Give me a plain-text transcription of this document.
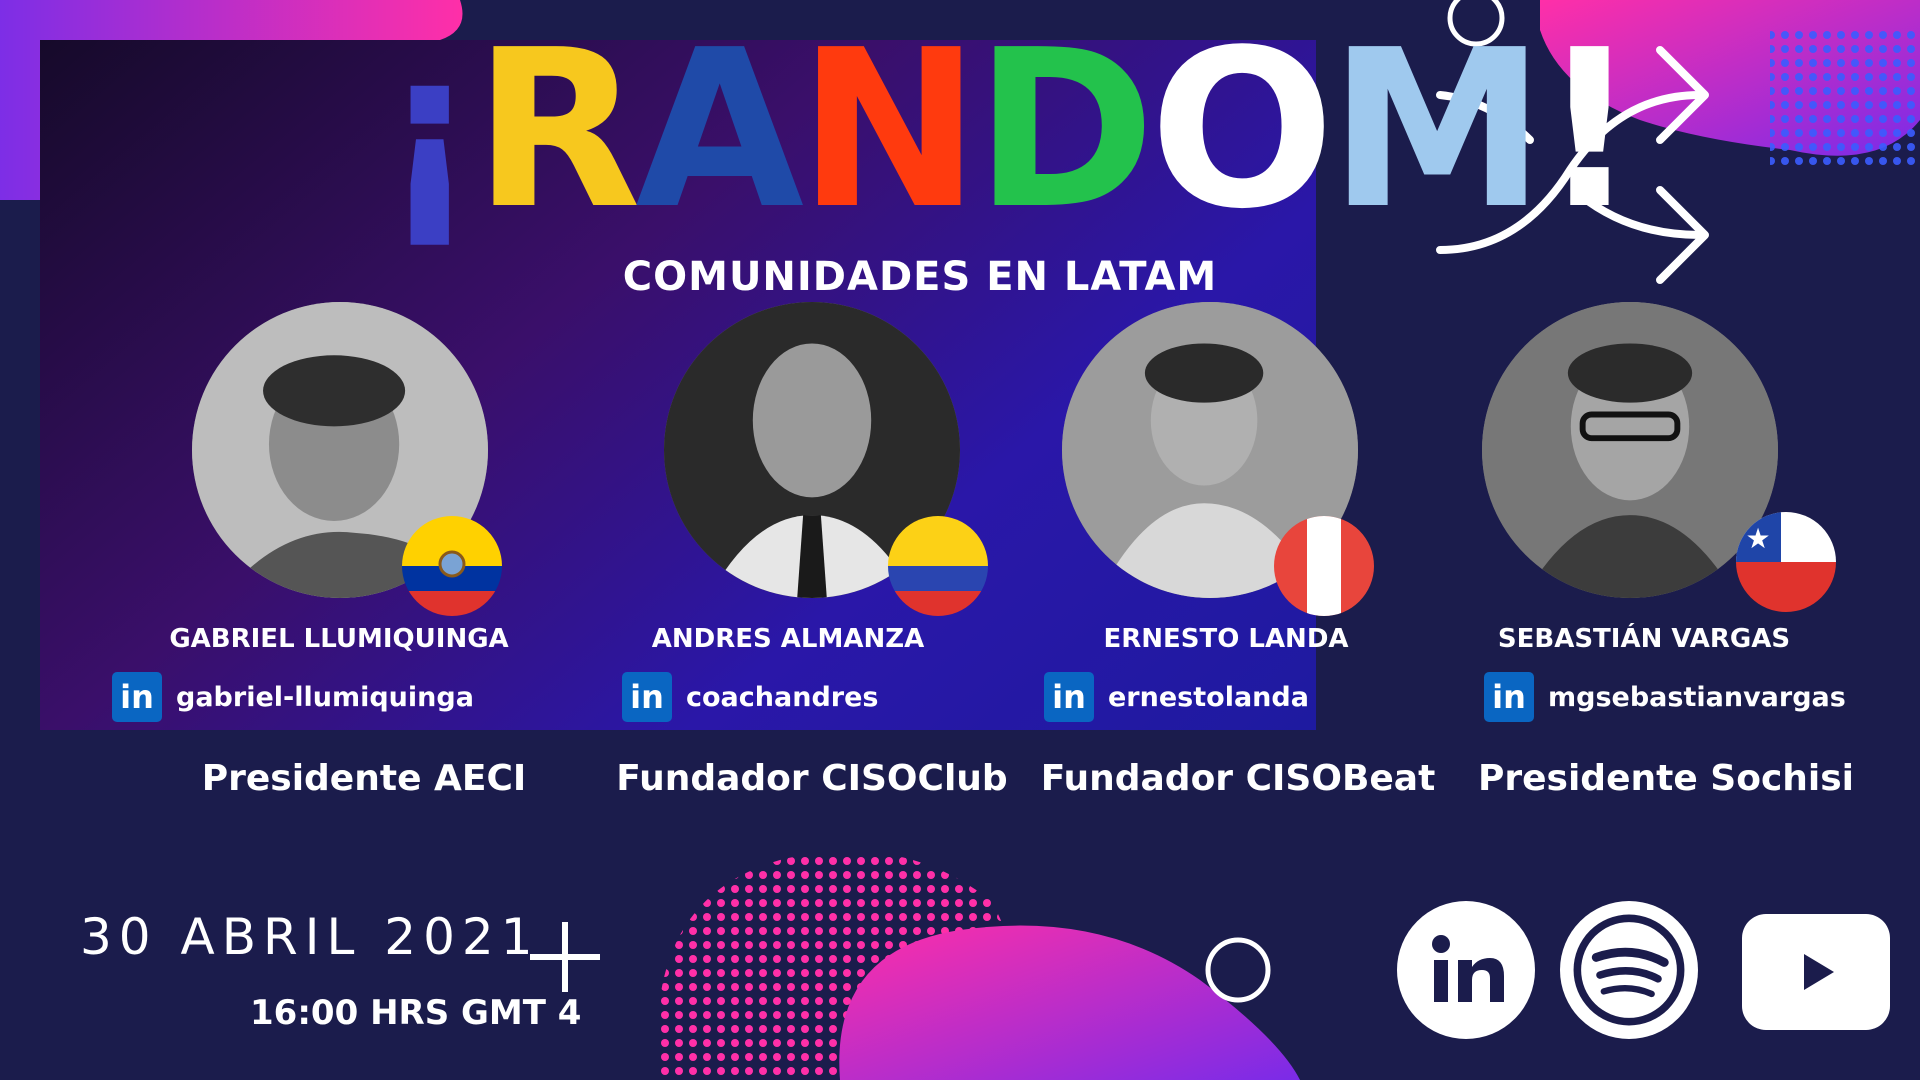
¡ R A N D O M !
COMUNIDADES EN LATAM
★
GABRIEL LLUMIQUINGA	ANDRES ALMANZA	ERNESTO LANDA	SEBASTIÁN VARGAS
in gabriel-llumiquinga	in coachandres	in ernestolanda	in mgsebastianvargas
Presidente AECI	Fundador CISOClub Fundador CISOBeat	Presidente Sochisi
30 ABRIL 2021
16:00 HRS GMT 4
